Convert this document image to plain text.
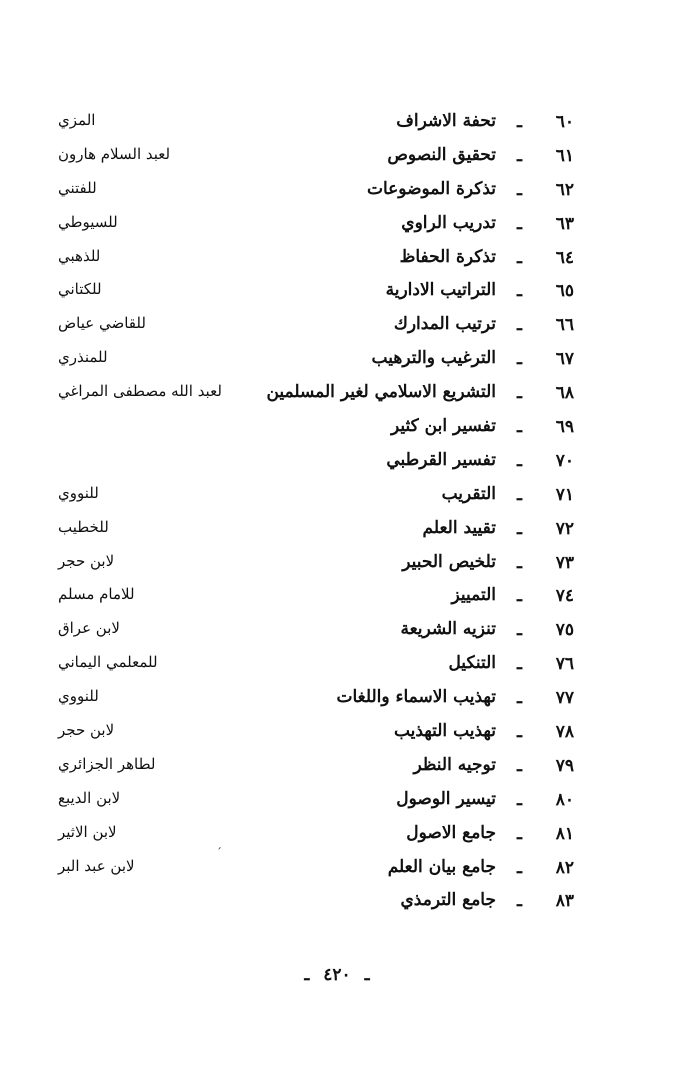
٦٠
ـ
تحفة الاشراف
المزي
٦١
ـ
تحقيق النصوص
لعبد السلام هارون
٦٢
ـ
تذكرة الموضوعات
للفتني
٦٣
ـ
تدريب الراوي
للسيوطي
٦٤
ـ
تذكرة الحفاظ
للذهبي
٦٥
ـ
التراتيب الادارية
للكتاني
٦٦
ـ
ترتيب المدارك
للقاضي عياض
٦٧
ـ
الترغيب والترهيب
للمنذري
٦٨
ـ
التشريع الاسلامي لغير المسلمين
لعبد الله مصطفى المراغي
٦٩
ـ
تفسير ابن كثير
٧٠
ـ
تفسير القرطبي
٧١
ـ
التقريب
للنووي
٧٢
ـ
تقييد العلم
للخطيب
٧٣
ـ
تلخيص الحبير
لابن حجر
٧٤
ـ
التمييز
للامام مسلم
٧٥
ـ
تنزيه الشريعة
لابن عراق
٧٦
ـ
التنكيل
للمعلمي اليماني
٧٧
ـ
تهذيب الاسماء واللغات
للنووي
٧٨
ـ
تهذيب التهذيب
لابن حجر
٧٩
ـ
توجيه النظر
لطاهر الجزائري
٨٠
ـ
تيسير الوصول
لابن الديبع
٨١
ـ
جامع الاصول
لابن الاثير
٨٢
ـ
جامع بيان العلم
لابن عبد البر
٨٣
ـ
جامع الترمذي
ˊ
ـ ٤٢٠ ـ
